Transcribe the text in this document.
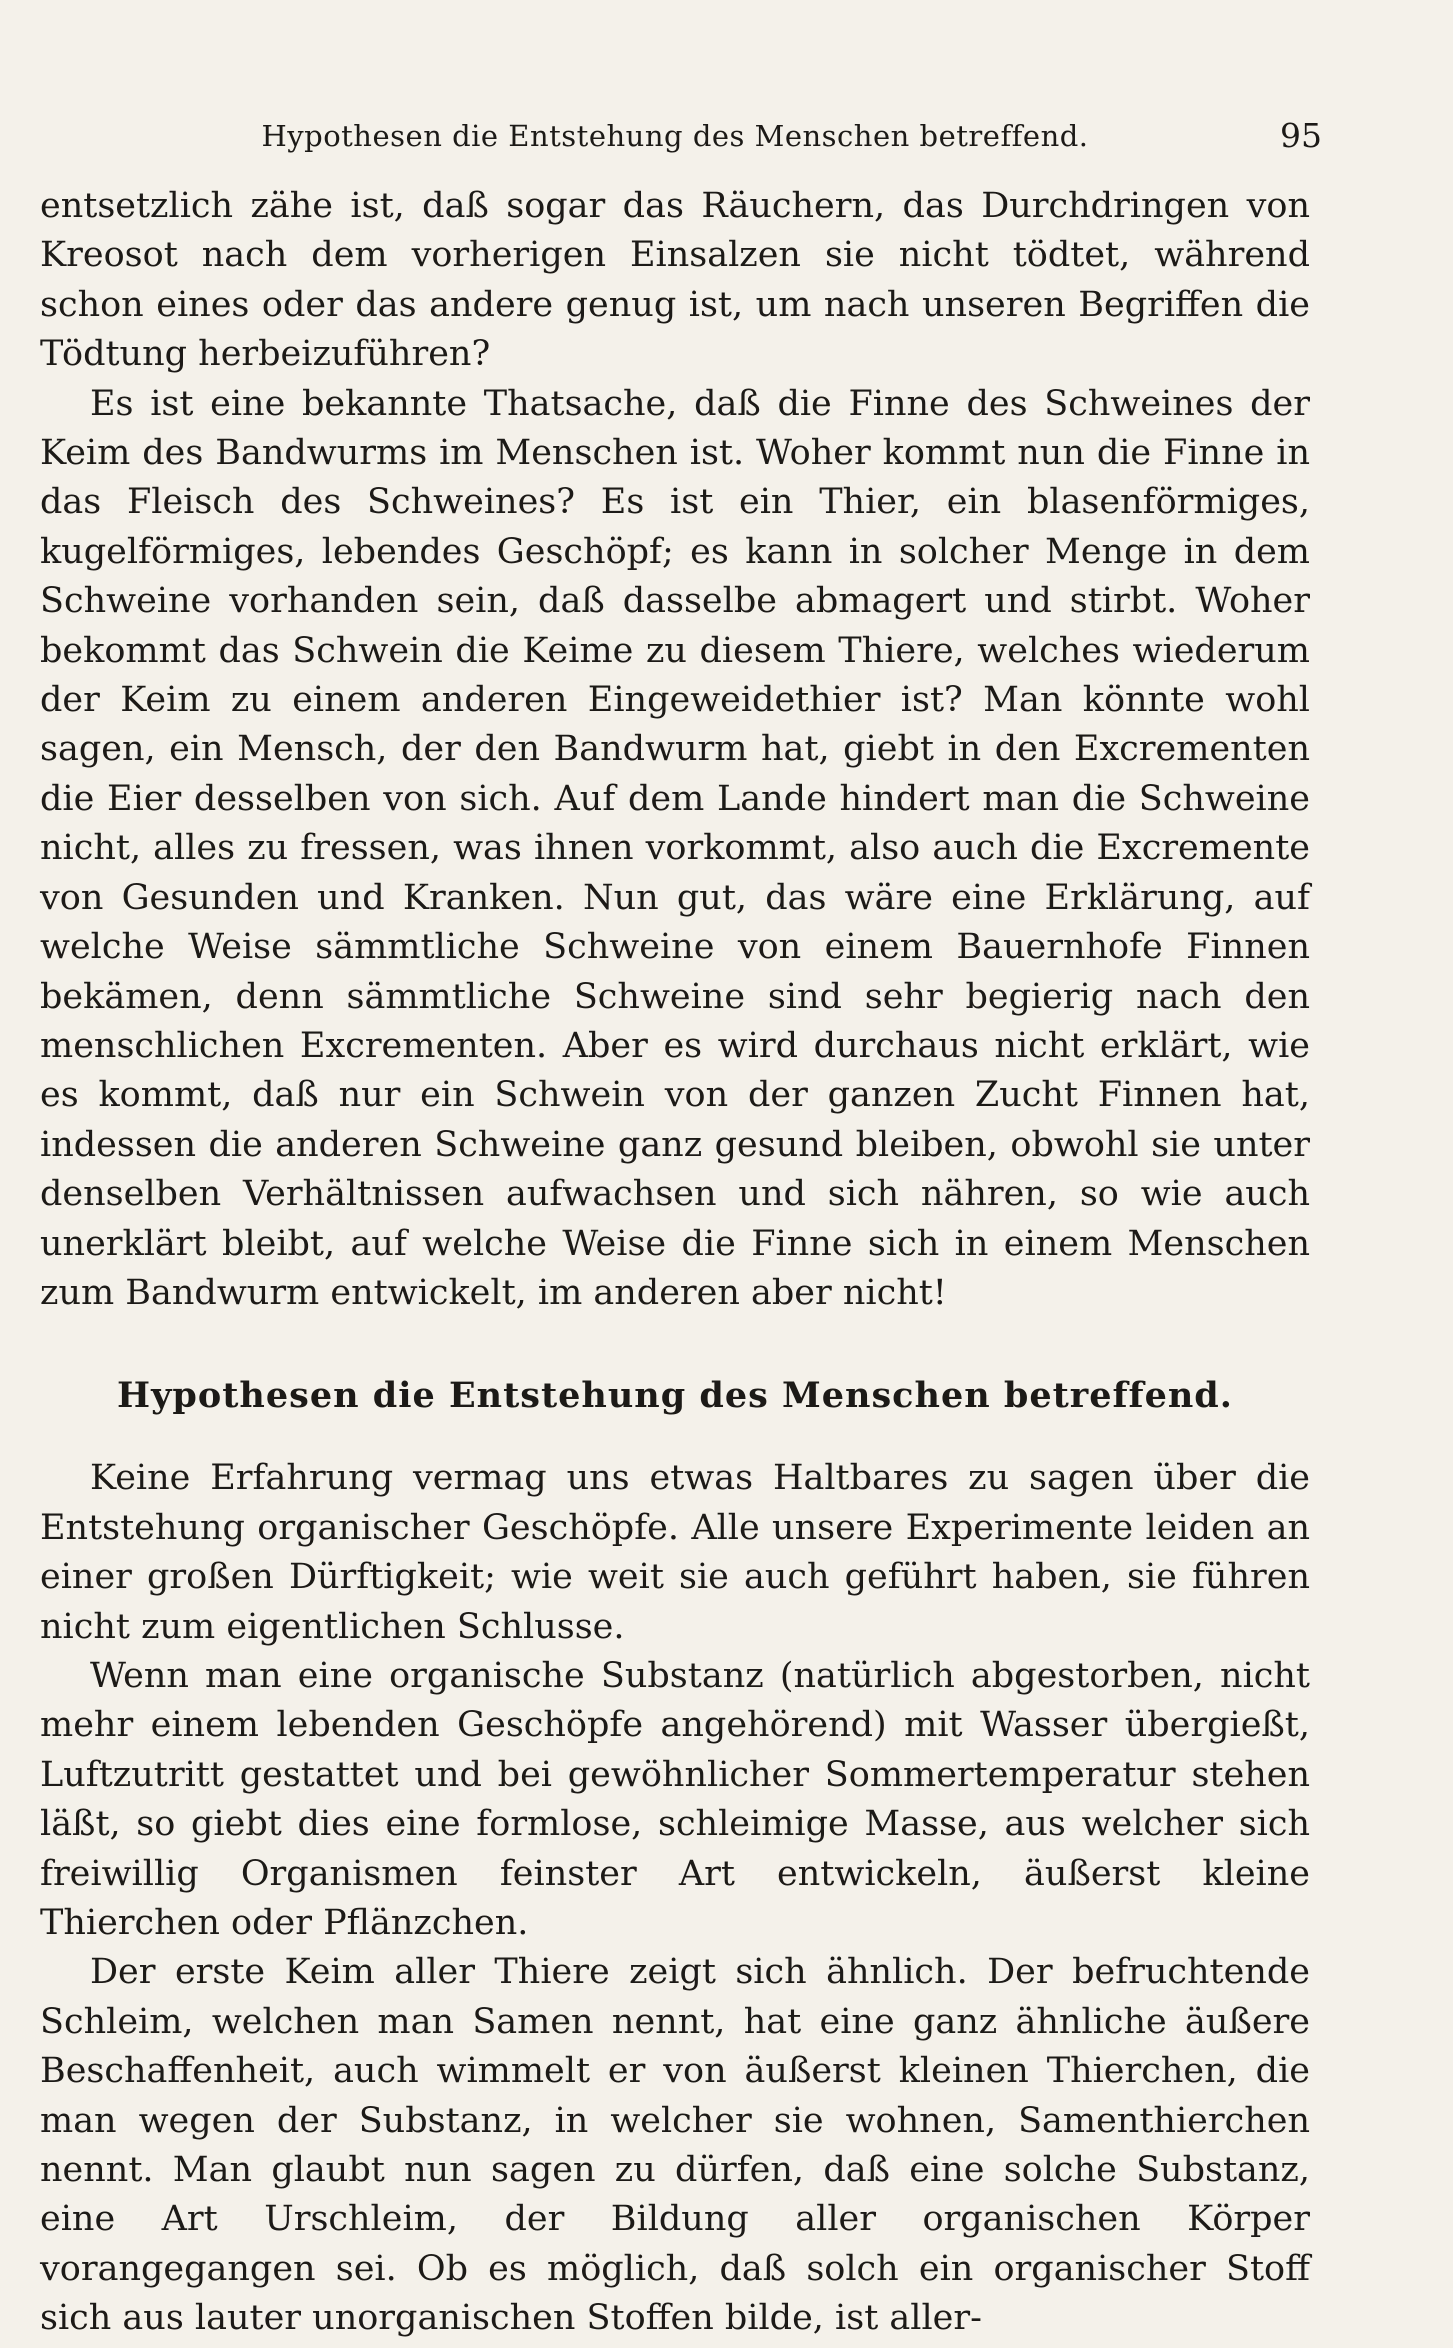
Hypothesen die Entstehung des Menschen betreffend.	95

entsetzlich zähe ist, daß sogar das Räuchern, das Durchdringen von Kreosot nach dem vorherigen Einsalzen sie nicht tödtet, während schon eines oder das andere genug ist, um nach unseren Begriffen die Tödtung herbeizuführen?

Es ist eine bekannte Thatsache, daß die Finne des Schweines der Keim des Bandwurms im Menschen ist. Woher kommt nun die Finne in das Fleisch des Schweines? Es ist ein Thier, ein blasenförmiges, kugelförmiges, lebendes Geschöpf; es kann in solcher Menge in dem Schweine vorhanden sein, daß dasselbe abmagert und stirbt. Woher bekommt das Schwein die Keime zu diesem Thiere, welches wiederum der Keim zu einem anderen Eingeweidethier ist? Man könnte wohl sagen, ein Mensch, der den Bandwurm hat, giebt in den Excrementen die Eier desselben von sich. Auf dem Lande hindert man die Schweine nicht, alles zu fressen, was ihnen vorkommt, also auch die Excremente von Gesunden und Kranken. Nun gut, das wäre eine Erklärung, auf welche Weise sämmtliche Schweine von einem Bauernhofe Finnen bekämen, denn sämmtliche Schweine sind sehr begierig nach den menschlichen Excrementen. Aber es wird durchaus nicht erklärt, wie es kommt, daß nur ein Schwein von der ganzen Zucht Finnen hat, indessen die anderen Schweine ganz gesund bleiben, obwohl sie unter denselben Verhältnissen aufwachsen und sich nähren, so wie auch unerklärt bleibt, auf welche Weise die Finne sich in einem Menschen zum Bandwurm entwickelt, im anderen aber nicht!

Hypothesen die Entstehung des Menschen betreffend.

Keine Erfahrung vermag uns etwas Haltbares zu sagen über die Entstehung organischer Geschöpfe. Alle unsere Experimente leiden an einer großen Dürftigkeit; wie weit sie auch geführt haben, sie führen nicht zum eigentlichen Schlusse.

Wenn man eine organische Substanz (natürlich abgestorben, nicht mehr einem lebenden Geschöpfe angehörend) mit Wasser übergießt, Luftzutritt gestattet und bei gewöhnlicher Sommertemperatur stehen läßt, so giebt dies eine formlose, schleimige Masse, aus welcher sich freiwillig Organismen feinster Art entwickeln, äußerst kleine Thierchen oder Pflänzchen.

Der erste Keim aller Thiere zeigt sich ähnlich. Der befruchtende Schleim, welchen man Samen nennt, hat eine ganz ähnliche äußere Beschaffenheit, auch wimmelt er von äußerst kleinen Thierchen, die man wegen der Substanz, in welcher sie wohnen, Samenthierchen nennt. Man glaubt nun sagen zu dürfen, daß eine solche Substanz, eine Art Urschleim, der Bildung aller organischen Körper vorangegangen sei. Ob es möglich, daß solch ein organischer Stoff sich aus lauter unorganischen Stoffen bilde, ist aller-
